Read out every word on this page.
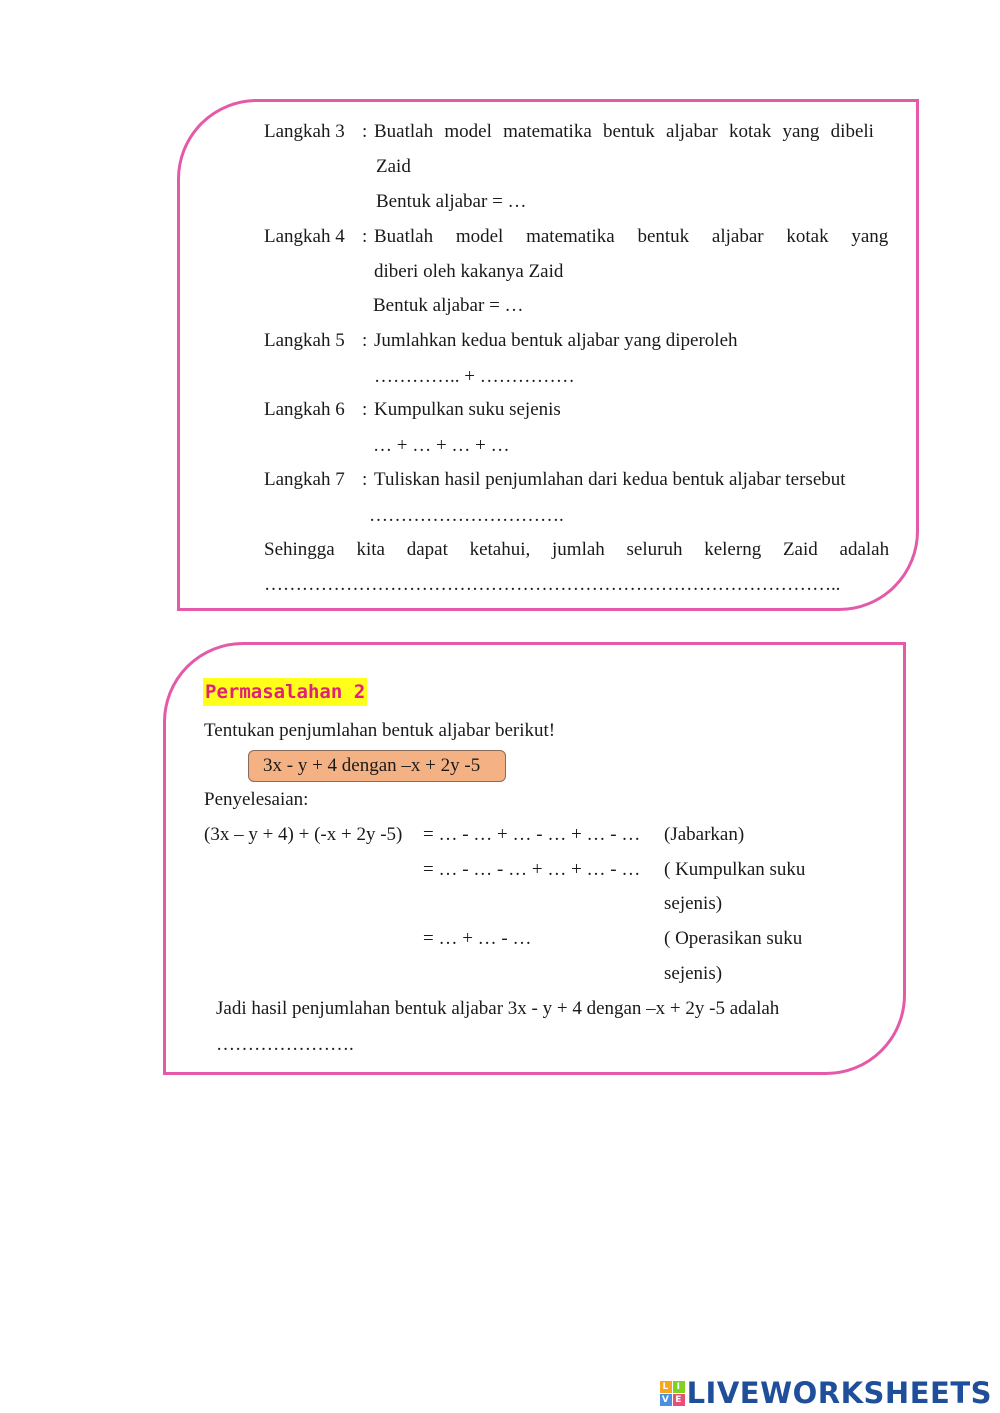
Langkah 3 : Buatlah model matematika bentuk aljabar kotak yang dibeli
Zaid
Bentuk aljabar = …
Langkah 4 : Buatlah model matematika bentuk aljabar kotak yang
diberi oleh kakanya Zaid
Bentuk aljabar = …
Langkah 5 : Jumlahkan kedua bentuk aljabar yang diperoleh
………….. + ……………
Langkah 6 : Kumpulkan suku sejenis
… + … + … + …
Langkah 7 : Tuliskan hasil penjumlahan dari kedua bentuk aljabar tersebut
………………………….
Sehingga kita dapat ketahui, jumlah seluruh kelerng Zaid adalah
………………………………………………………………………………..
Permasalahan 2
Tentukan penjumlahan bentuk aljabar berikut!
3x - y + 4 dengan –x + 2y -5
Penyelesaian:
(3x – y + 4) + (-x + 2y -5) = … - … + … - … + … - … (Jabarkan)
= … - … - … + … + … - … ( Kumpulkan suku
sejenis)
= … + … - …	( Operasikan suku
sejenis)
Jadi hasil penjumlahan bentuk aljabar 3x - y + 4 dengan –x + 2y -5 adalah
………………….
L I
V E LIVEWORKSHEETS
